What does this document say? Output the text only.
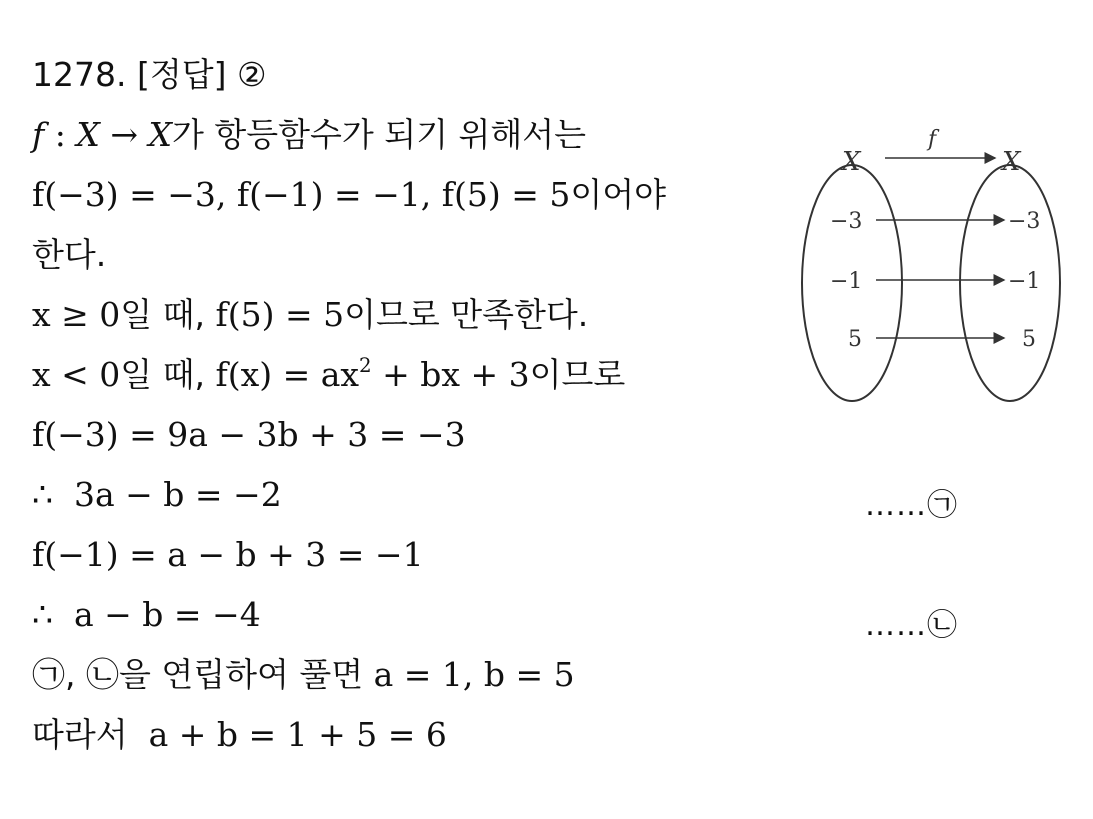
1278. [정답] ②
f : X → X가 항등함수가 되기 위해서는
f(−3) = −3, f(−1) = −1, f(5) = 5이어야
한다.
x ≥ 0일 때, f(5) = 5이므로 만족한다.
x < 0일 때, $f(x) = ax^2$ + bx + 3이므로
f(−3) = 9a − 3b + 3 = −3
∴ 3a − b = −2	……㉠
f(−1) = a − b + 3 = −1
∴ a − b = −4	……㉡
㉠, ㉡을 연립하여 풀면 a = 1, b = 5
따라서 a + b = 1 + 5 = 6
X	X
f
−3
−1
5
−3
−1
5
